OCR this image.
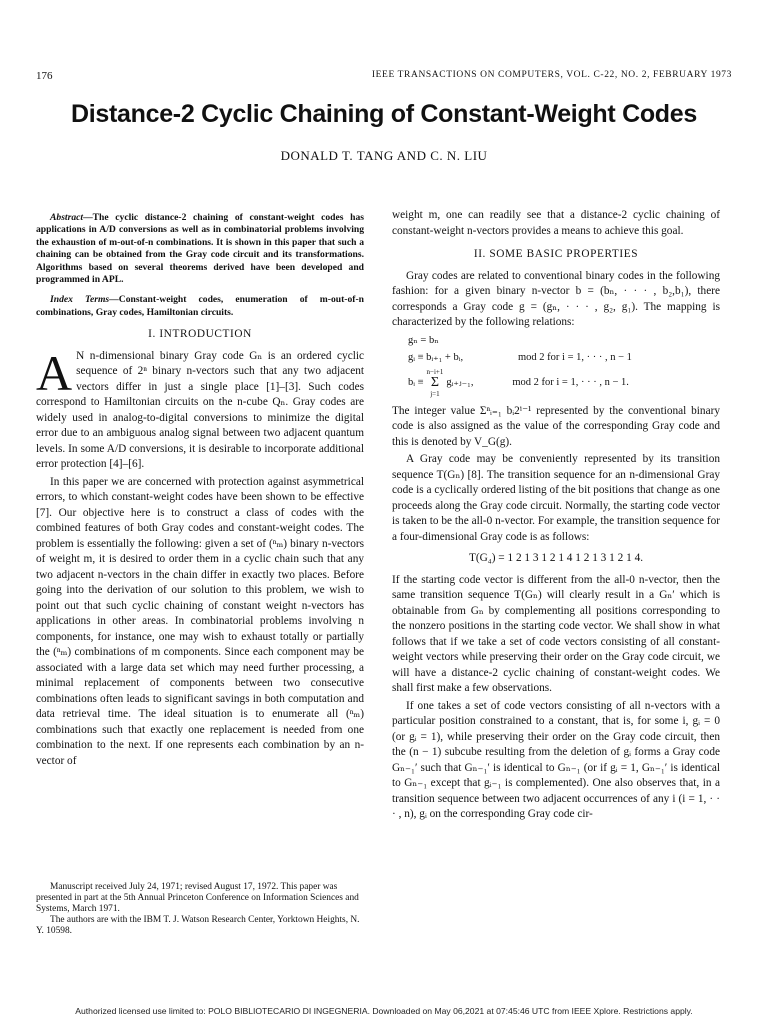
176	IEEE TRANSACTIONS ON COMPUTERS, VOL. C-22, NO. 2, FEBRUARY 1973
Distance-2 Cyclic Chaining of Constant-Weight Codes
DONALD T. TANG AND C. N. LIU

Abstract—The cyclic distance-2 chaining of constant-weight codes has applications in A/D conversions as well as in combinatorial problems involving the exhaustion of m-out-of-n combinations. It is shown in this paper that such a chaining can be obtained from the Gray code circuit and its transformations. Algorithms based on several theorems derived have been developed and programmed in APL.

Index Terms—Constant-weight codes, enumeration of m-out-of-n combinations, Gray codes, Hamiltonian circuits.

I. INTRODUCTION

A N n-dimensional binary Gray code Gₙ is an ordered cyclic sequence of 2ⁿ binary n-vectors such that any two adjacent vectors differ in just a single place [1]–[3]. Such codes correspond to Hamiltonian circuits on the n-cube Qₙ. Gray codes are widely used in analog-to-digital conversions to minimize the digital error due to an ambiguous analog signal between two adjacent quantum levels. In some A/D conversions, it is desirable to incorporate additional error protection [4]–[6].

In this paper we are concerned with protection against asymmetrical errors, to which constant-weight codes have been shown to be effective [7]. Our objective here is to construct a class of codes with the combined features of both Gray codes and constant-weight codes. The problem is essentially the following: given a set of (ⁿₘ) binary n-vectors of weight m, it is desired to order them in a cyclic chain such that any two adjacent n-vectors in the chain differ in exactly two places. Before going into the derivation of our solution to this problem, we wish to point out that such cyclic chaining of constant weight n-vectors has applications in other areas. In combinatorial problems involving n components, for instance, one may wish to exhaust totally or partially the (ⁿₘ) combinations of m components. Since each component may be associated with a large data set which may need further processing, a minimal replacement of components between two consecutive combinations often leads to significant savings in both computation and data retrieval time. The ideal situation is to enumerate all (ⁿₘ) combinations such that exactly one replacement is needed from one combination to the next. If one represents each combination by an n-vector of

weight m, one can readily see that a distance-2 cyclic chaining of constant-weight n-vectors provides a means to achieve this goal.

II. SOME BASIC PROPERTIES

Gray codes are related to conventional binary codes in the following fashion: for a given binary n-vector b = (bₙ, · · · , b₂,b₁), there corresponds a Gray code g = (gₙ, · · · , g₂, g₁). The mapping is characterized by the following relations:

gₙ = bₙ
gᵢ ≡ bᵢ₊₁ + bᵢ,	mod 2 for i = 1, · · · , n − 1
bᵢ ≡
n−i+1
Σ
j=1
gᵢ₊ⱼ₋₁,	mod 2 for i = 1, · · · , n − 1.

The integer value Σⁿᵢ₌₁ bᵢ2ⁱ⁻¹ represented by the conventional binary code is also assigned as the value of the corresponding Gray code and this is denoted by V_G(g).

A Gray code may be conveniently represented by its transition sequence T(Gₙ) [8]. The transition sequence for an n-dimensional Gray code is a cyclically ordered listing of the bit positions that change as one proceeds along the Gray code circuit. Normally, the starting code vector is taken to be the all-0 n-vector. For example, the transition sequence for a four-dimensional Gray code is as follows:

T(G₄) = 1 2 1 3 1 2 1 4 1 2 1 3 1 2 1 4.

If the starting code vector is different from the all-0 n-vector, then the same transition sequence T(Gₙ) will clearly result in a Gₙ′ which is obtainable from Gₙ by complementing all positions corresponding to the nonzero positions in the starting code vector. We shall show in what follows that if we take a set of code vectors consisting of all constant-weight vectors while preserving their order on the Gray code circuit, we will have a distance-2 cyclic chaining of constant-weight codes. We shall first make a few observations.

If one takes a set of code vectors consisting of all n-vectors with a particular position constrained to a constant, that is, for some i, gᵢ = 0 (or gᵢ = 1), while preserving their order on the Gray code circuit, then the (n − 1) subcube resulting from the deletion of gᵢ forms a Gray code Gₙ₋₁′ such that Gₙ₋₁′ is identical to Gₙ₋₁ (or if gᵢ = 1, Gₙ₋₁′ is identical to Gₙ₋₁ except that gᵢ₋₁ is complemented). One also observes that, in a transition sequence between two adjacent occurrences of any i (i = 1, · · · , n), gᵢ on the corresponding Gray code cir-

Manuscript received July 24, 1971; revised August 17, 1972. This paper was presented in part at the 5th Annual Princeton Conference on Information Sciences and Systems, March 1971.

The authors are with the IBM T. J. Watson Research Center, Yorktown Heights, N. Y. 10598.

Authorized licensed use limited to: POLO BIBLIOTECARIO DI INGEGNERIA. Downloaded on May 06,2021 at 07:45:46 UTC from IEEE Xplore. Restrictions apply.
